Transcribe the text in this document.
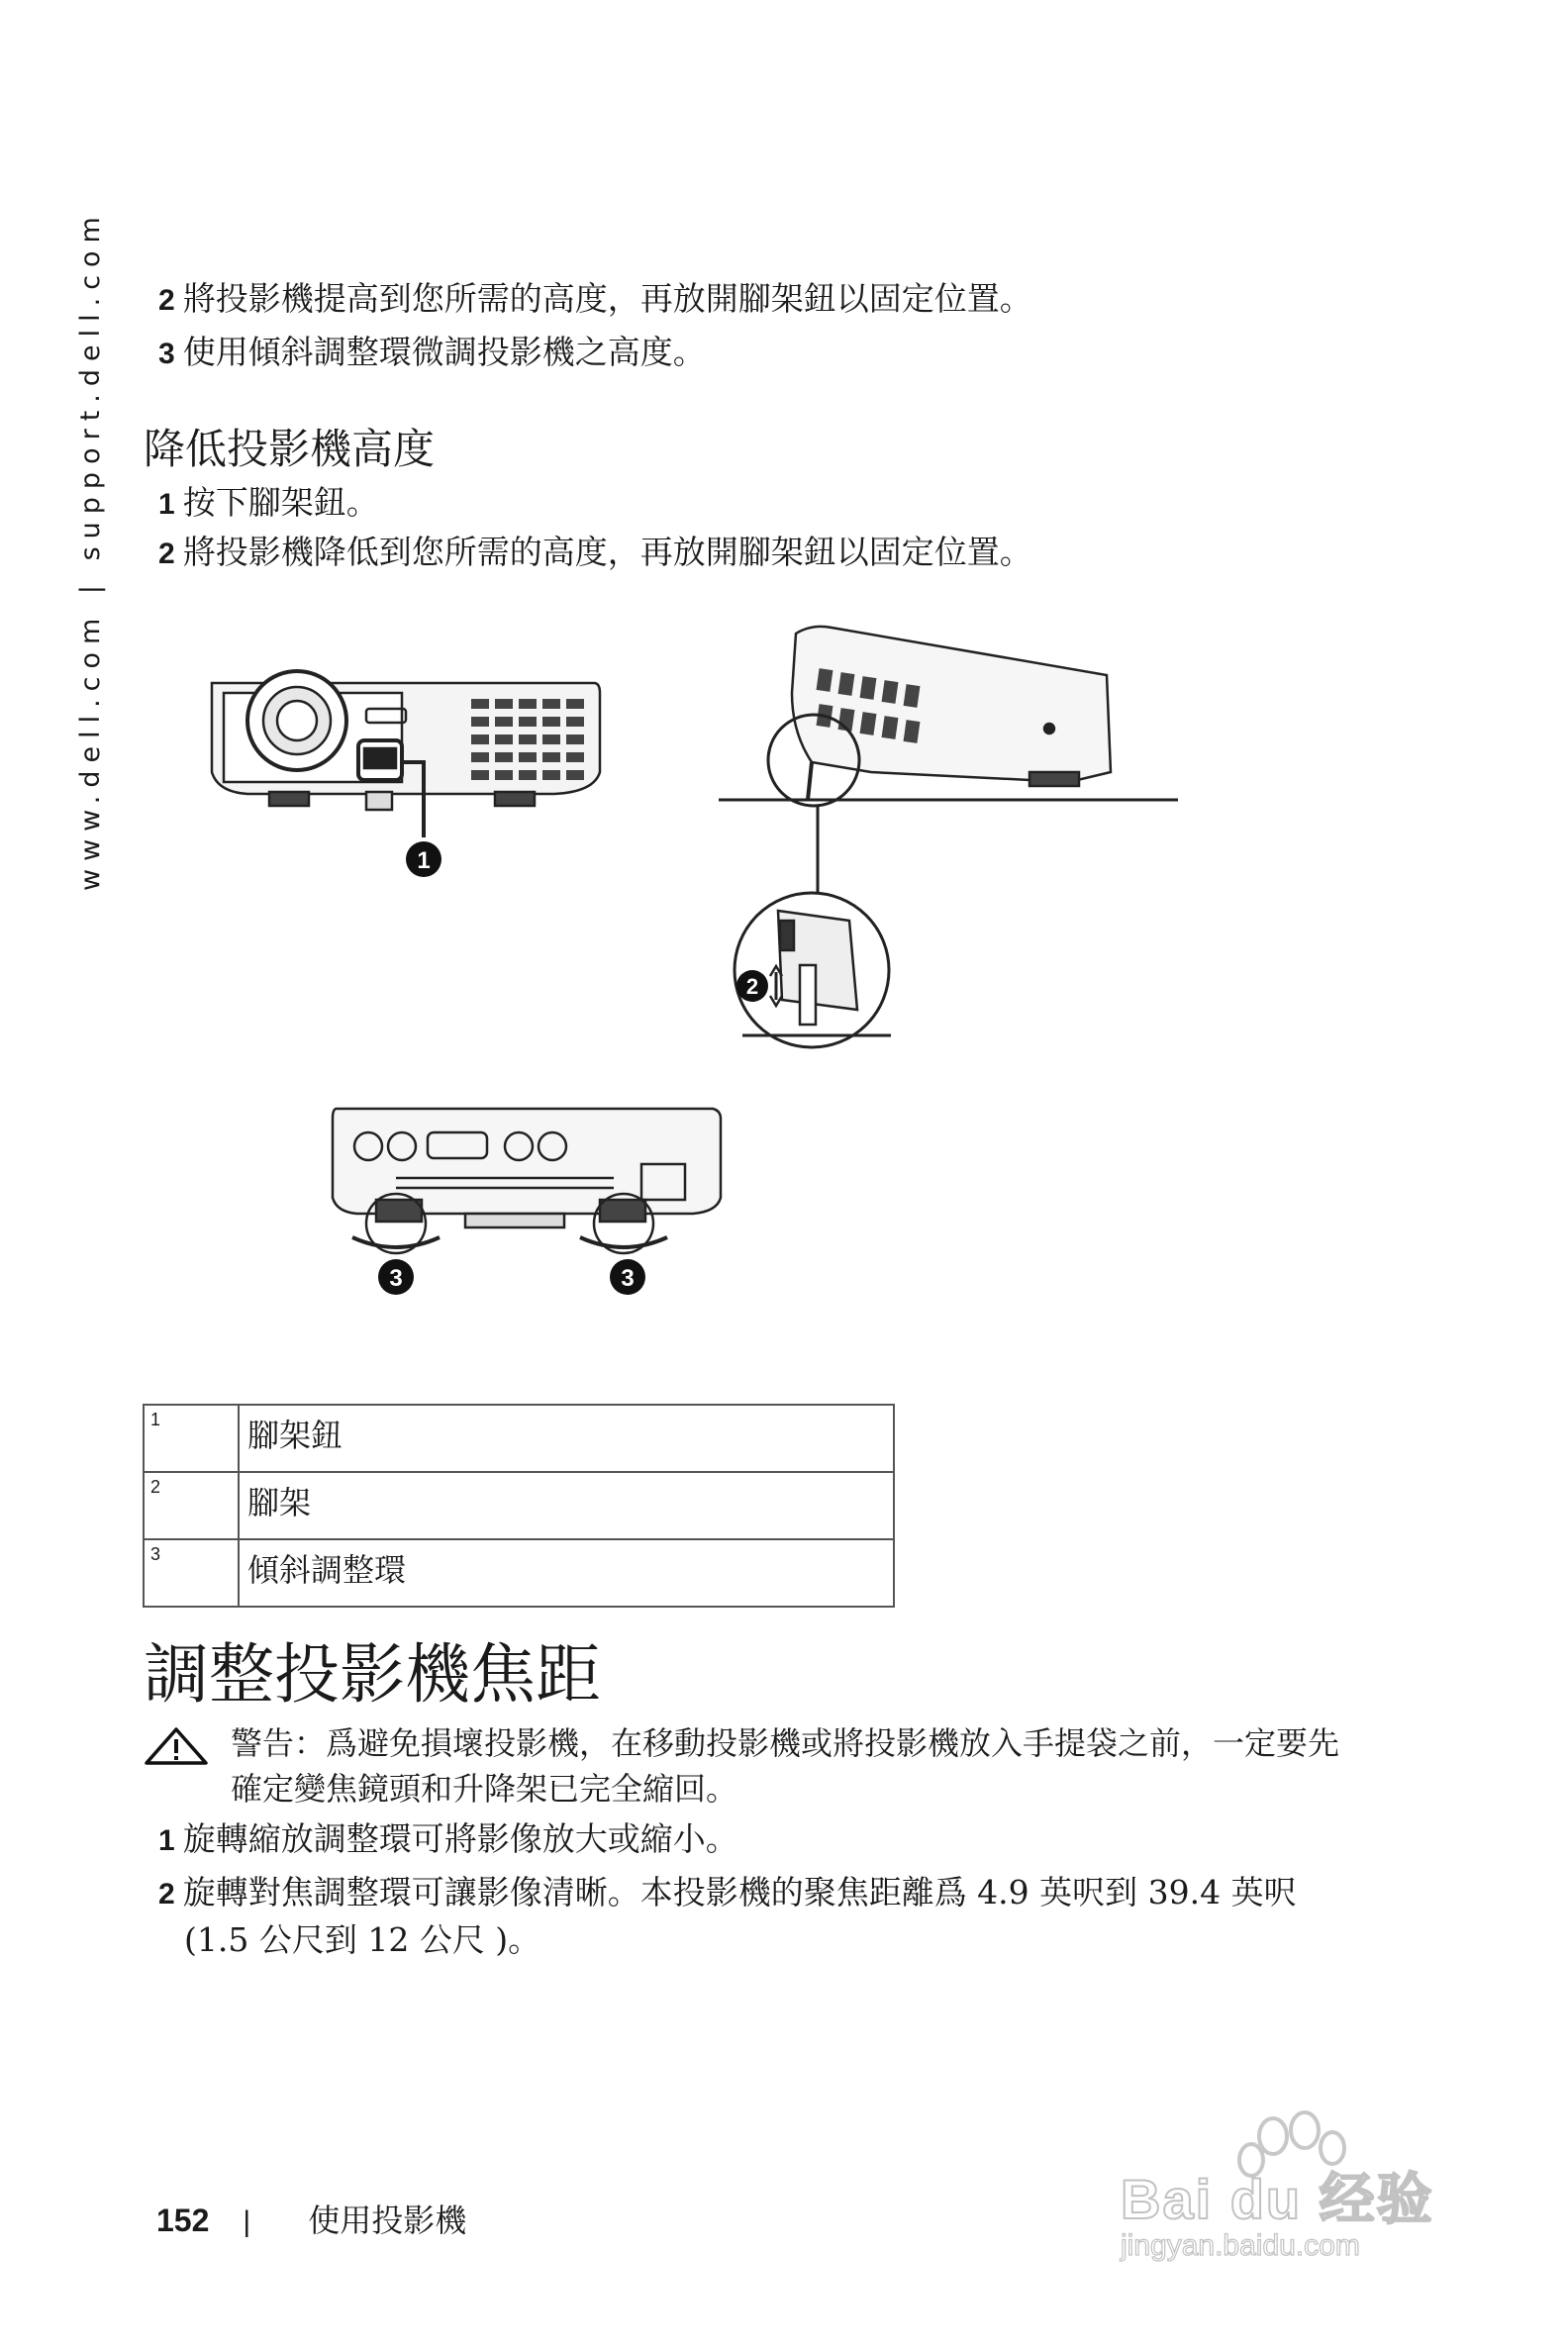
www.dell.com | support.dell.com	2 將投影機提高到您所需的高度，再放開腳架鈕以固定位置。
3 使用傾斜調整環微調投影機之高度。
降低投影機高度
1 按下腳架鈕。
2 將投影機降低到您所需的高度，再放開腳架鈕以固定位置。
1
2
3	3
1	腳架鈕
2	腳架
3	傾斜調整環
調整投影機焦距
警告：爲避免損壞投影機，在移動投影機或將投影機放入手提袋之前，一定要先確定變焦鏡頭和升降架已完全縮回。
1 旋轉縮放調整環可將影像放大或縮小。
2 旋轉對焦調整環可讓影像清晰。本投影機的聚焦距離爲 4.9 英呎到 39.4 英呎
(1.5 公尺到 12 公尺 )。
152 | 使用投影機	Bai du 经验
jingyan.baidu.com
